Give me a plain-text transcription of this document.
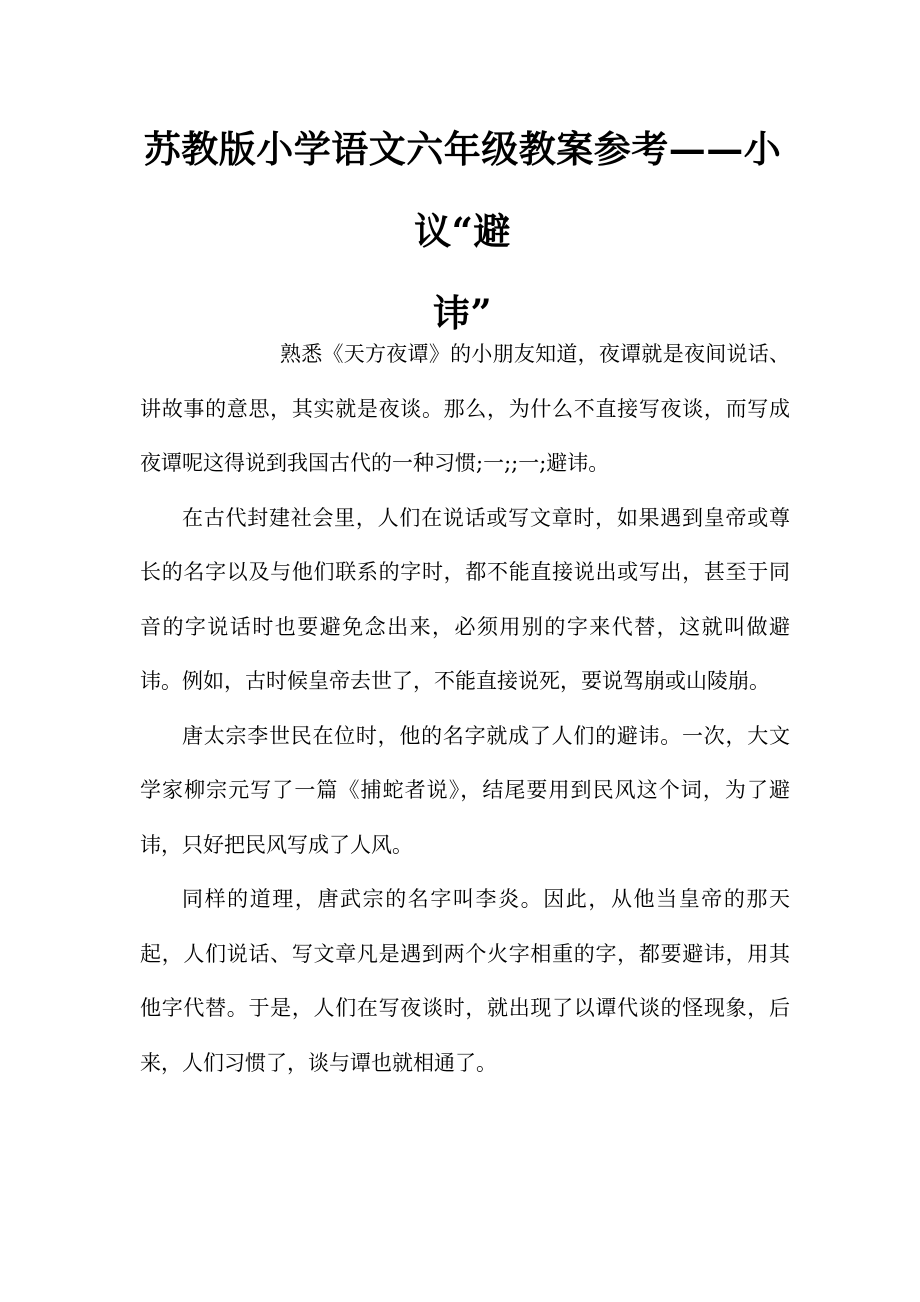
苏教版小学语文六年级教案参考——小议“避
讳”

熟悉《天方夜谭》的小朋友知道，夜谭就是夜间说话、讲故事的意思，其实就是夜谈。那么，为什么不直接写夜谈，而写成夜谭呢这得说到我国古代的一种习惯;一;;一;避讳。

在古代封建社会里，人们在说话或写文章时，如果遇到皇帝或尊长的名字以及与他们联系的字时，都不能直接说出或写出，甚至于同音的字说话时也要避免念出来，必须用别的字来代替，这就叫做避讳。例如，古时候皇帝去世了，不能直接说死，要说驾崩或山陵崩。

唐太宗李世民在位时，他的名字就成了人们的避讳。一次，大文学家柳宗元写了一篇《捕蛇者说》，结尾要用到民风这个词，为了避讳，只好把民风写成了人风。

同样的道理，唐武宗的名字叫李炎。因此，从他当皇帝的那天起，人们说话、写文章凡是遇到两个火字相重的字，都要避讳，用其他字代替。于是，人们在写夜谈时，就出现了以谭代谈的怪现象，后来，人们习惯了，谈与谭也就相通了。
